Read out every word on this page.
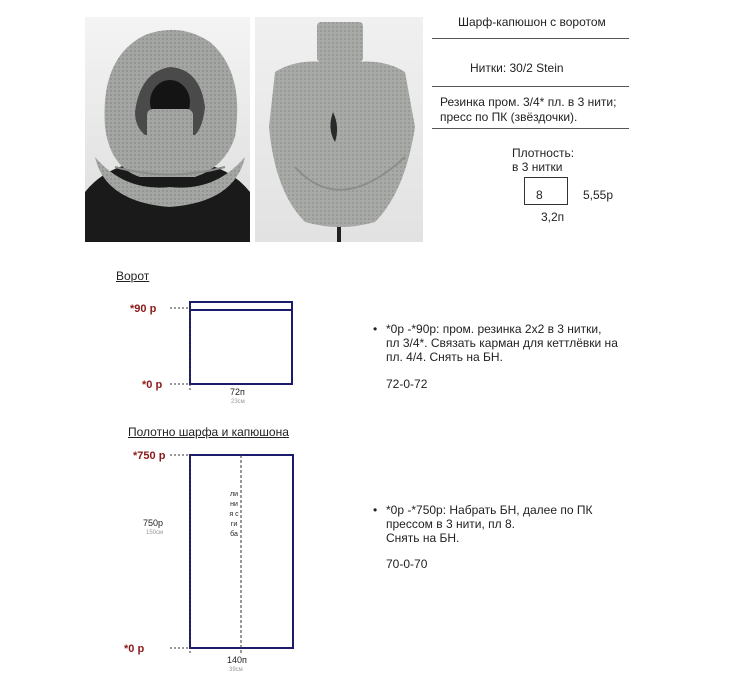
Шарф-капюшон с воротом
Нитки: 30/2 Stein
Резинка пром. 3/4* пл. в 3 нити;
пресс по ПК (звёздочки).
Плотность:
в 3 нитки
8	5,55р
3,2п
Ворот
*90 р
*0 р
72п
23см
• *0р -*90р: пром. резинка 2х2 в 3 нитки,
пл 3/4*. Связать карман для кеттлёвки на
пл. 4/4. Снять на БН.
72-0-72
Полотно шарфа и капюшона
*750 р
*0 р
750р
150см
линия сгиба
140п
39см
• *0р -*750р: Набрать БН, далее по ПК
прессом в 3 нити, пл 8.
Снять на БН.
70-0-70
